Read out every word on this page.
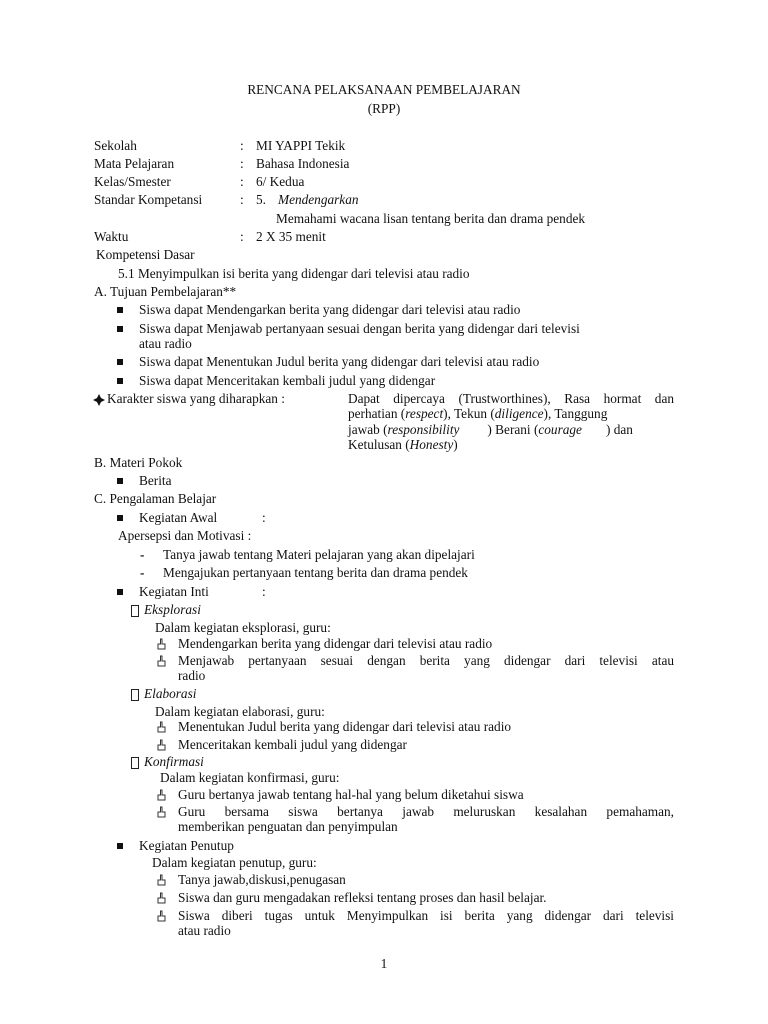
RENCANA PELAKSANAAN PEMBELAJARAN
(RPP)
Sekolah	: MI YAPPI Tekik
Mata Pelajaran	: Bahasa Indonesia
Kelas/Smester	: 6/ Kedua
Standar Kompetansi	: 5. Mendengarkan
Memahami wacana lisan tentang berita dan drama pendek
Waktu	: 2 X 35 menit
Kompetensi Dasar
5.1 Menyimpulkan isi berita yang didengar dari televisi atau radio
A. Tujuan Pembelajaran**
Siswa dapat Mendengarkan berita yang didengar dari televisi atau radio
Siswa dapat Menjawab pertanyaan sesuai dengan berita yang didengar dari televisi
atau radio
Siswa dapat Menentukan Judul berita yang didengar dari televisi atau radio
Siswa dapat Menceritakan kembali judul yang didengar
Karakter siswa yang diharapkan :	Dapat dipercaya (Trustworthines), Rasa hormat dan
perhatian (respect), Tekun (diligence), Tanggung
jawab (responsibility ) Berani (courage ) dan
Ketulusan (Honesty)
B. Materi Pokok
Berita
C. Pengalaman Belajar
Kegiatan Awal	:
Apersepsi dan Motivasi :
- Tanya jawab tentang Materi pelajaran yang akan dipelajari
- Mengajukan pertanyaan tentang berita dan drama pendek
Kegiatan Inti	:
Eksplorasi
Dalam kegiatan eksplorasi, guru:
Mendengarkan berita yang didengar dari televisi atau radio
Menjawab pertanyaan sesuai dengan berita yang didengar dari televisi atau
radio
Elaborasi
Dalam kegiatan elaborasi, guru:
Menentukan Judul berita yang didengar dari televisi atau radio
Menceritakan kembali judul yang didengar
Konfirmasi
Dalam kegiatan konfirmasi, guru:
Guru bertanya jawab tentang hal-hal yang belum diketahui siswa
Guru bersama siswa bertanya jawab meluruskan kesalahan pemahaman,
memberikan penguatan dan penyimpulan
Kegiatan Penutup
Dalam kegiatan penutup, guru:
Tanya jawab,diskusi,penugasan
Siswa dan guru mengadakan refleksi tentang proses dan hasil belajar.
Siswa diberi tugas untuk Menyimpulkan isi berita yang didengar dari televisi
atau radio
1
